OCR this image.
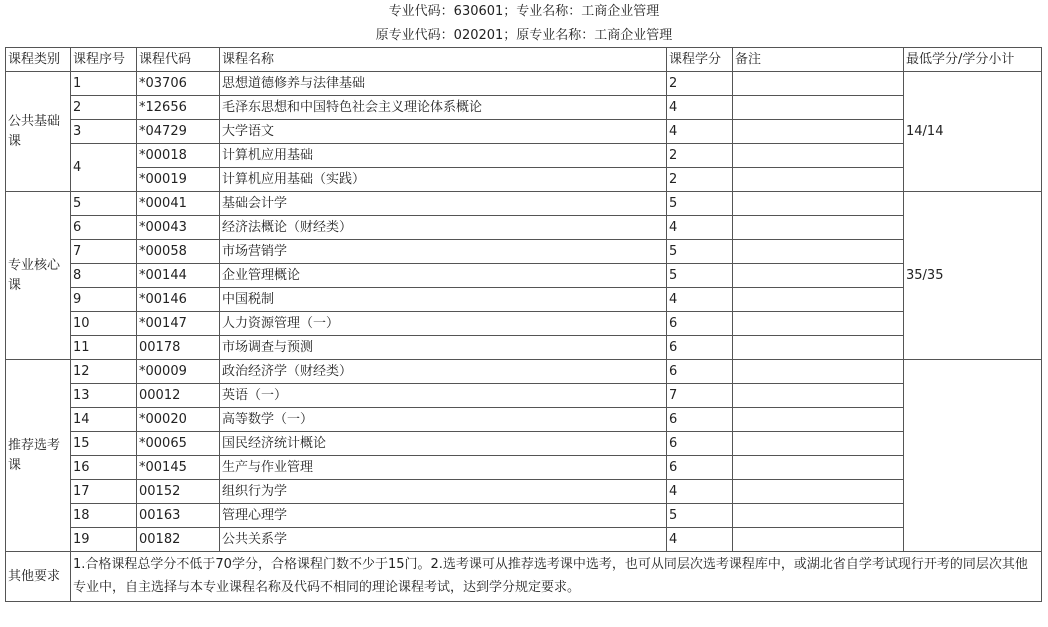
专业代码：630601；专业名称：工商企业管理
原专业代码：020201；原专业名称：工商企业管理
课程类别	课程序号	课程代码	课程名称	课程学分	备注	最低学分/学分小计
公共基础课	1	*03706	思想道德修养与法律基础	2		14/14
	2	*12656	毛泽东思想和中国特色社会主义理论体系概论	4		
	3	*04729	大学语文	4		
	4	*00018	计算机应用基础	2		
		*00019	计算机应用基础（实践）	2		
专业核心课	5	*00041	基础会计学	5		35/35
	6	*00043	经济法概论（财经类）	4		
	7	*00058	市场营销学	5		
	8	*00144	企业管理概论	5		
	9	*00146	中国税制	4		
	10	*00147	人力资源管理（一）	6		
	11	00178	市场调查与预测	6		
推荐选考课	12	*00009	政治经济学（财经类）	6		
	13	00012	英语（一）	7		
	14	*00020	高等数学（一）	6		
	15	*00065	国民经济统计概论	6		
	16	*00145	生产与作业管理	6		
	17	00152	组织行为学	4		
	18	00163	管理心理学	5		
	19	00182	公共关系学	4		
其他要求	1.合格课程总学分不低于70学分，合格课程门数不少于15门。2.选考课可从推荐选考课中选考，也可从同层次选考课程库中，或湖北省自学考试现行开考的同层次其他专业中，自主选择与本专业课程名称及代码不相同的理论课程考试，达到学分规定要求。					
